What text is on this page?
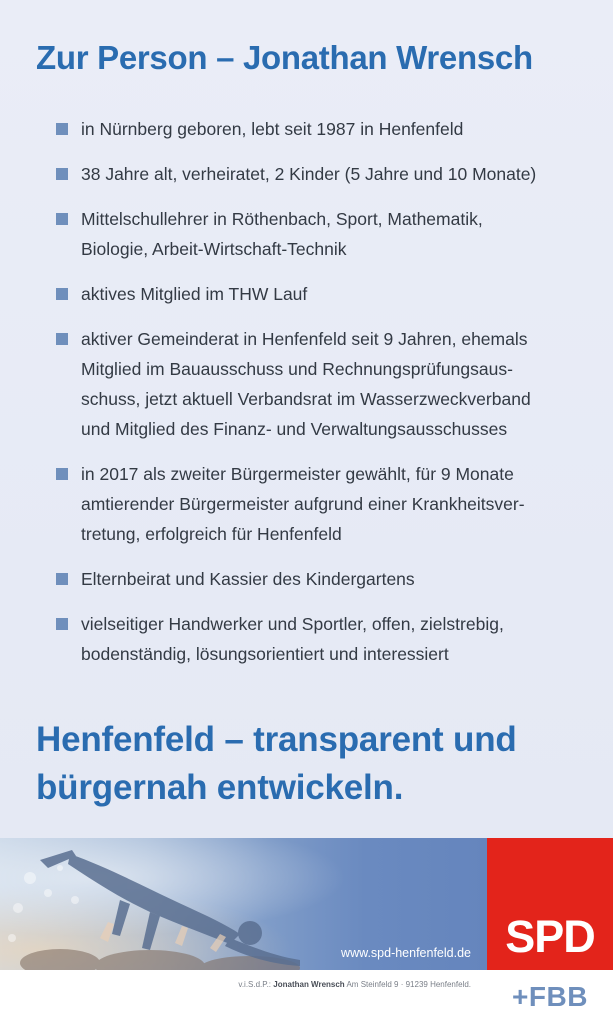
Zur Person – Jonathan Wrensch
in Nürnberg geboren, lebt seit 1987 in Henfenfeld
38 Jahre alt, verheiratet, 2 Kinder (5 Jahre und 10 Monate)
Mittelschullehrer in Röthenbach, Sport, Mathematik,
Biologie, Arbeit-Wirtschaft-Technik
aktives Mitglied im THW Lauf
aktiver Gemeinderat in Henfenfeld seit 9 Jahren, ehemals
Mitglied im Bauausschuss und Rechnungsprüfungsaus-
schuss, jetzt aktuell Verbandsrat im Wasserzweckverband
und Mitglied des Finanz- und Verwaltungsausschusses
in 2017 als zweiter Bürgermeister gewählt, für 9 Monate
amtierender Bürgermeister aufgrund einer Krankheitsver-
tretung, erfolgreich für Henfenfeld
Elternbeirat und Kassier des Kindergartens
vielseitiger Handwerker und Sportler, offen, zielstrebig,
bodenständig, lösungsorientiert und interessiert
Henfenfeld – transparent und
bürgernah entwickeln.
www.spd-henfenfeld.de SPD
v.i.S.d.P.: Jonathan Wrensch Am Steinfeld 9 · 91239 Henfenfeld.	+FBB
